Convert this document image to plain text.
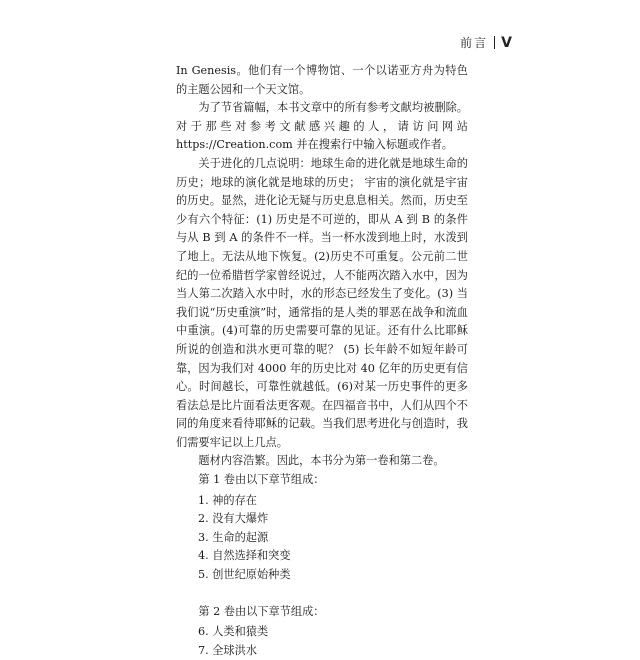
前言 V

In Genesis。他们有一个博物馆、一个以诺亚方舟为特色的主题公园和一个天文馆。

为了节省篇幅，本书文章中的所有参考文献均被删除。对于那些对参考文献感兴趣的人，请访问网站 https://Creation.com 并在搜索行中输入标题或作者。

关于进化的几点说明：地球生命的进化就是地球生命的历史；地球的演化就是地球的历史； 宇宙的演化就是宇宙的历史。显然，进化论无疑与历史息息相关。然而，历史至少有六个特征：(1) 历史是不可逆的，即从 A 到 B 的条件与从 B 到 A 的条件不一样。当一杯水泼到地上时，水泼到了地上。无法从地下恢复。(2)历史不可重复。公元前二世纪的一位希腊哲学家曾经说过，人不能两次踏入水中，因为当人第二次踏入水中时，水的形态已经发生了变化。(3) 当我们说“历史重演”时，通常指的是人类的罪恶在战争和流血中重演。(4)可靠的历史需要可靠的见证。还有什么比耶稣所说的创造和洪水更可靠的呢？ (5) 长年龄不如短年龄可靠，因为我们对 4000 年的历史比对 40 亿年的历史更有信心。时间越长，可靠性就越低。(6)对某一历史事件的更多看法总是比片面看法更客观。在四福音书中，人们从四个不同的角度来看待耶稣的记载。当我们思考进化与创造时，我们需要牢记以上几点。

题材内容浩繁。因此，本书分为第一卷和第二卷。

第 1 卷由以下章节组成：

1. 神的存在
2. 没有大爆炸
3. 生命的起源
4. 自然选择和突变
5. 创世纪原始种类

第 2 卷由以下章节组成：

6. 人类和猿类
7. 全球洪水
